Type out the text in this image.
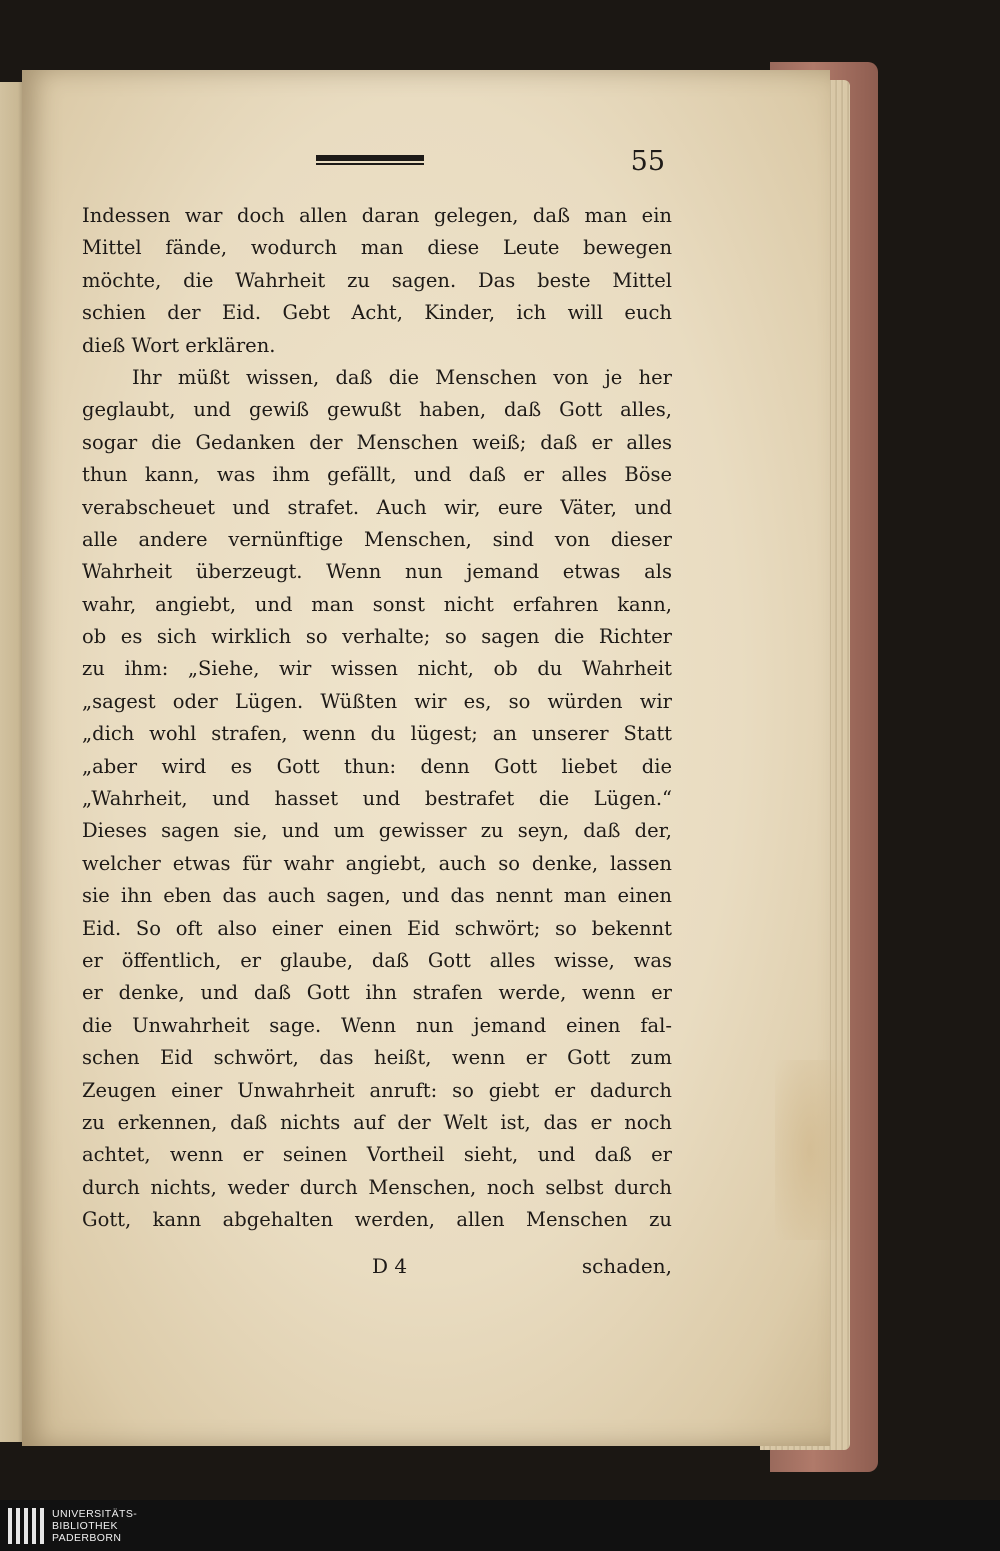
55
Indessen war doch allen daran gelegen, daß man ein
Mittel fände, wodurch man diese Leute bewegen
möchte, die Wahrheit zu sagen. Das beste Mittel
schien der Eid. Gebt Acht, Kinder, ich will euch
dieß Wort erklären.
Ihr müßt wissen, daß die Menschen von je her
geglaubt, und gewiß gewußt haben, daß Gott alles,
sogar die Gedanken der Menschen weiß; daß er alles
thun kann, was ihm gefällt, und daß er alles Böse
verabscheuet und strafet. Auch wir, eure Väter, und
alle andere vernünftige Menschen, sind von dieser
Wahrheit überzeugt. Wenn nun jemand etwas als
wahr, angiebt, und man sonst nicht erfahren kann,
ob es sich wirklich so verhalte; so sagen die Richter
zu ihm: „Siehe, wir wissen nicht, ob du Wahrheit
„sagest oder Lügen. Wüßten wir es, so würden wir
„dich wohl strafen, wenn du lügest; an unserer Statt
„aber wird es Gott thun: denn Gott liebet die
„Wahrheit, und hasset und bestrafet die Lügen.“
Dieses sagen sie, und um gewisser zu seyn, daß der,
welcher etwas für wahr angiebt, auch so denke, lassen
sie ihn eben das auch sagen, und das nennt man einen
Eid. So oft also einer einen Eid schwört; so bekennt
er öffentlich, er glaube, daß Gott alles wisse, was
er denke, und daß Gott ihn strafen werde, wenn er
die Unwahrheit sage. Wenn nun jemand einen fal-
schen Eid schwört, das heißt, wenn er Gott zum
Zeugen einer Unwahrheit anruft: so giebt er dadurch
zu erkennen, daß nichts auf der Welt ist, das er noch
achtet, wenn er seinen Vortheil sieht, und daß er
durch nichts, weder durch Menschen, noch selbst durch
Gott, kann abgehalten werden, allen Menschen zu
D 4	schaden,
UNIVERSITÄTS-
BIBLIOTHEK
PADERBORN
